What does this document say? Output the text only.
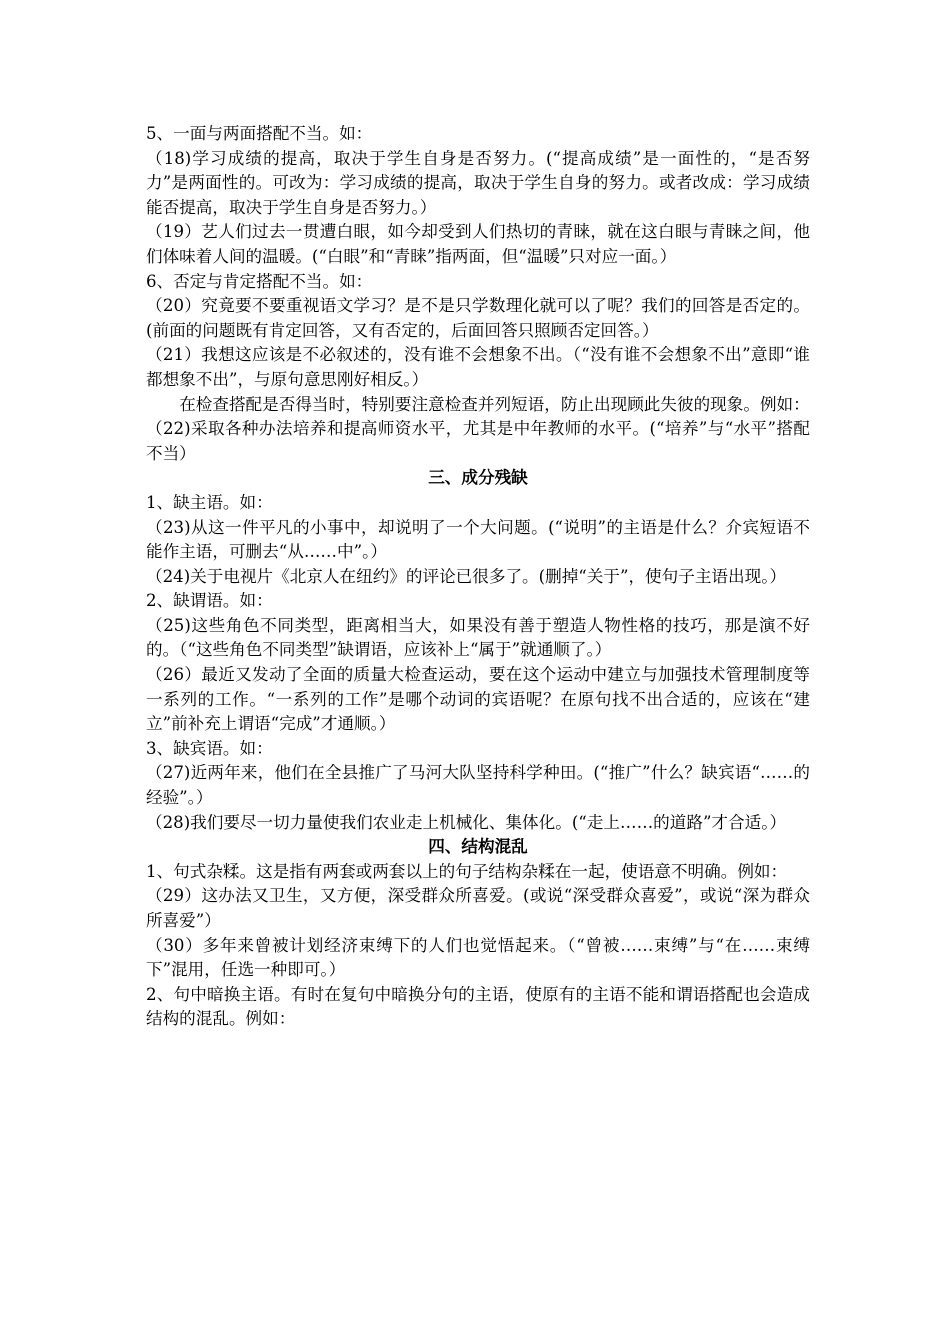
5、一面与两面搭配不当。如：

（18)学习成绩的提高，取决于学生自身是否努力。(“提高成绩”是一面性的，“是否努力”是两面性的。可改为：学习成绩的提高，取决于学生自身的努力。或者改成：学习成绩能否提高，取决于学生自身是否努力。）

（19）艺人们过去一贯遭白眼，如今却受到人们热切的青睐，就在这白眼与青睐之间，他们体味着人间的温暖。(“白眼”和“青睐”指两面，但“温暖”只对应一面。）

6、否定与肯定搭配不当。如：

（20）究竟要不要重视语文学习？是不是只学数理化就可以了呢？我们的回答是否定的。(前面的问题既有肯定回答，又有否定的，后面回答只照顾否定回答。）

（21）我想这应该是不必叙述的，没有谁不会想象不出。（“没有谁不会想象不出”意即“谁都想象不出”，与原句意思刚好相反。）

在检查搭配是否得当时，特别要注意检查并列短语，防止出现顾此失彼的现象。例如：

（22)采取各种办法培养和提高师资水平，尤其是中年教师的水平。(“培养”与“水平”搭配不当）

三、成分残缺

1、缺主语。如：

（23)从这一件平凡的小事中，却说明了一个大问题。(“说明”的主语是什么？介宾短语不能作主语，可删去“从……中”。）

（24)关于电视片《北京人在纽约》的评论已很多了。(删掉“关于”，使句子主语出现。）

2、缺谓语。如：

（25)这些角色不同类型，距离相当大，如果没有善于塑造人物性格的技巧，那是演不好的。（“这些角色不同类型”缺谓语，应该补上“属于”就通顺了。）

（26）最近又发动了全面的质量大检查运动，要在这个运动中建立与加强技术管理制度等一系列的工作。“一系列的工作”是哪个动词的宾语呢？在原句找不出合适的，应该在“建立”前补充上谓语“完成”才通顺。）

3、缺宾语。如：

（27)近两年来，他们在全县推广了马河大队坚持科学种田。(“推广”什么？缺宾语“……的经验”。）

（28)我们要尽一切力量使我们农业走上机械化、集体化。(“走上……的道路”才合适。）

四、结构混乱

1、句式杂糅。这是指有两套或两套以上的句子结构杂糅在一起，使语意不明确。例如：

（29）这办法又卫生，又方便，深受群众所喜爱。(或说“深受群众喜爱”，或说“深为群众所喜爱”）

（30）多年来曾被计划经济束缚下的人们也觉悟起来。（“曾被……束缚”与“在……束缚下”混用，任选一种即可。）

2、句中暗换主语。有时在复句中暗换分句的主语，使原有的主语不能和谓语搭配也会造成结构的混乱。例如：
